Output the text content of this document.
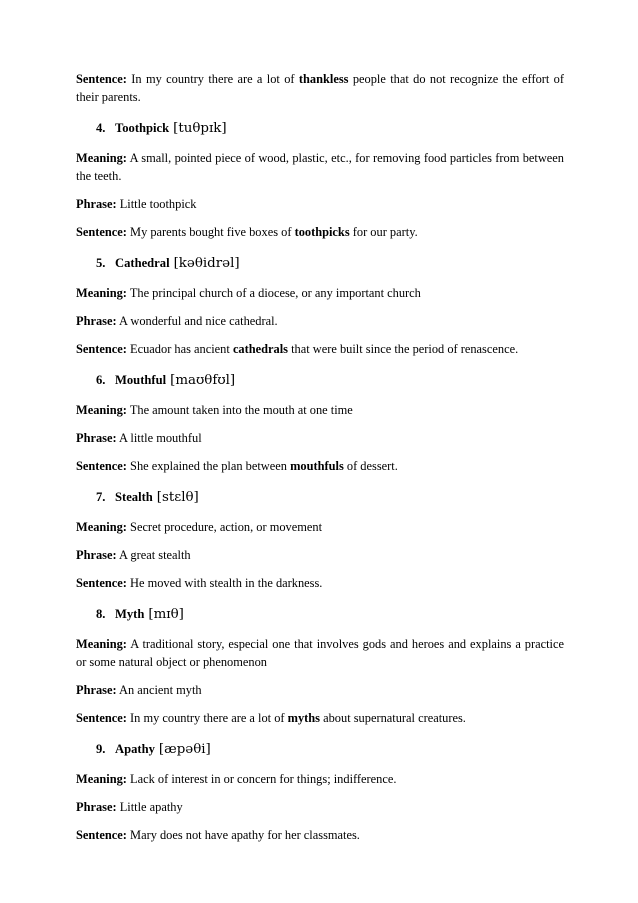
Sentence: In my country there are a lot of thankless people that do not recognize the effort of their parents.

4. Toothpick [tuθpɪk]

Meaning: A small, pointed piece of wood, plastic, etc., for removing food particles from between the teeth.

Phrase: Little toothpick

Sentence: My parents bought five boxes of toothpicks for our party.

5. Cathedral [kəθidrəl]

Meaning: The principal church of a diocese, or any important church

Phrase: A wonderful and nice cathedral.

Sentence: Ecuador has ancient cathedrals that were built since the period of renascence.

6. Mouthful [maʊθfʊl]

Meaning: The amount taken into the mouth at one time

Phrase: A little mouthful

Sentence: She explained the plan between mouthfuls of dessert.

7. Stealth [stɛlθ]

Meaning: Secret procedure, action, or movement

Phrase: A great stealth

Sentence: He moved with stealth in the darkness.

8. Myth [mɪθ]

Meaning: A traditional story, especial one that involves gods and heroes and explains a practice or some natural object or phenomenon

Phrase: An ancient myth

Sentence: In my country there are a lot of myths about supernatural creatures.

9. Apathy [æpəθi]

Meaning: Lack of interest in or concern for things; indifference.

Phrase: Little apathy

Sentence: Mary does not have apathy for her classmates.
